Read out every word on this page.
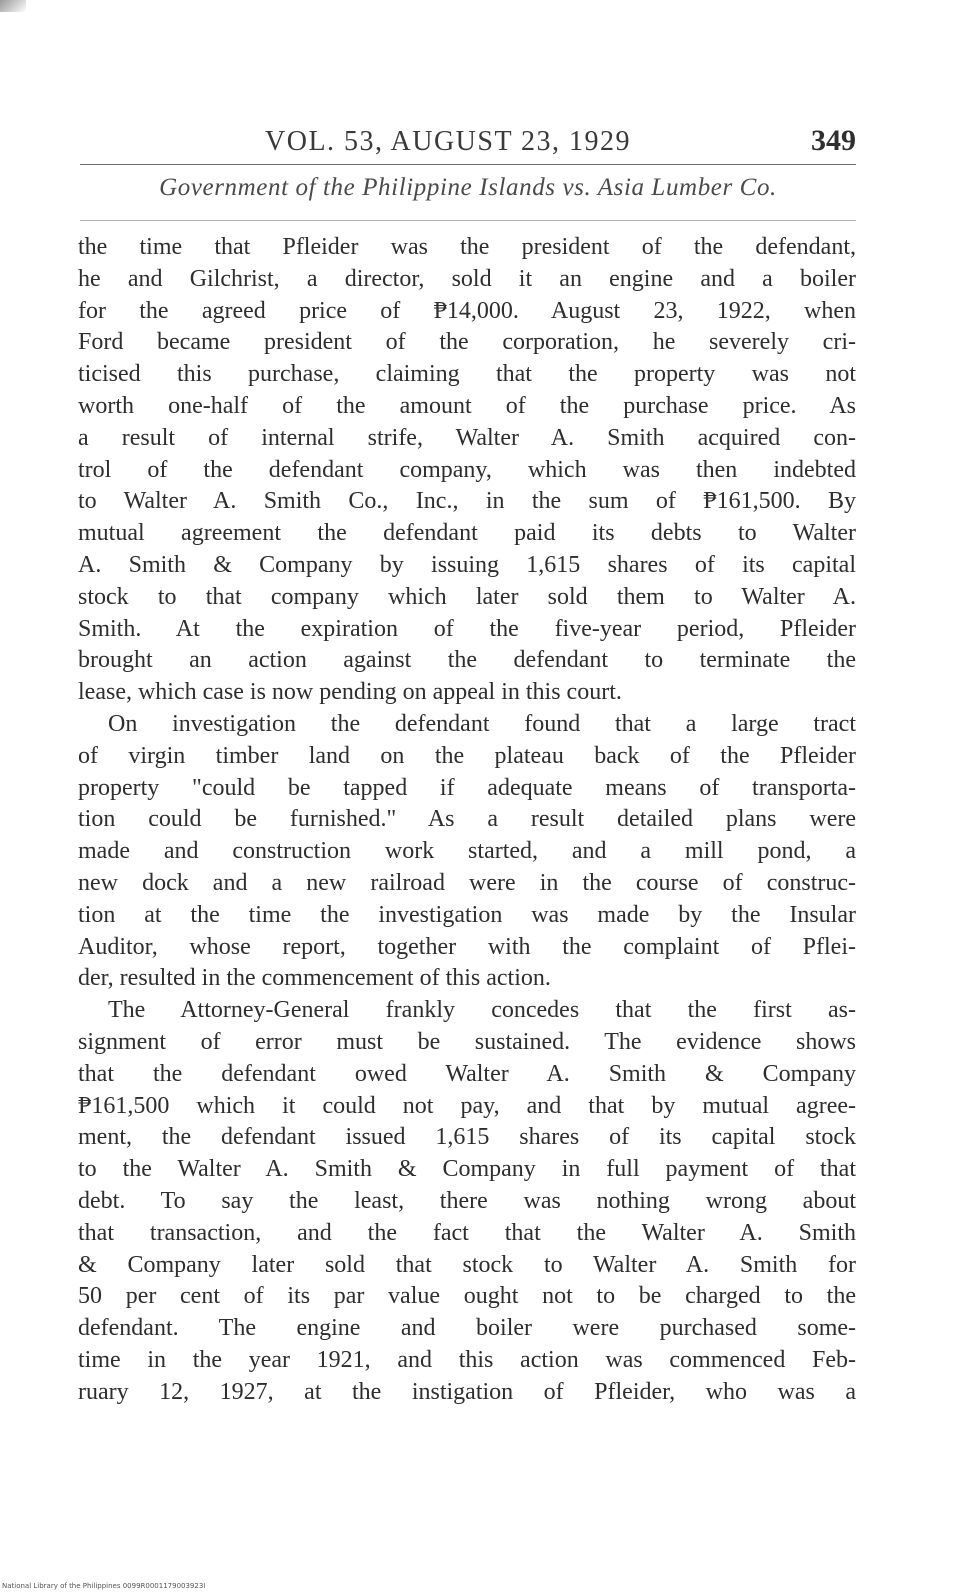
VOL. 53, AUGUST 23, 1929	349
Government of the Philippine Islands vs. Asia Lumber Co.
the time that Pfleider was the president of the defendant,
he and Gilchrist, a director, sold it an engine and a boiler
for the agreed price of ₱14,000. August 23, 1922, when
Ford became president of the corporation, he severely cri-
ticised this purchase, claiming that the property was not
worth one-half of the amount of the purchase price. As
a result of internal strife, Walter A. Smith acquired con-
trol of the defendant company, which was then indebted
to Walter A. Smith Co., Inc., in the sum of ₱161,500. By
mutual agreement the defendant paid its debts to Walter
A. Smith & Company by issuing 1,615 shares of its capital
stock to that company which later sold them to Walter A.
Smith. At the expiration of the five-year period, Pfleider
brought an action against the defendant to terminate the
lease, which case is now pending on appeal in this court.
On investigation the defendant found that a large tract
of virgin timber land on the plateau back of the Pfleider
property "could be tapped if adequate means of transporta-
tion could be furnished." As a result detailed plans were
made and construction work started, and a mill pond, a
new dock and a new railroad were in the course of construc-
tion at the time the investigation was made by the Insular
Auditor, whose report, together with the complaint of Pflei-
der, resulted in the commencement of this action.
The Attorney-General frankly concedes that the first as-
signment of error must be sustained. The evidence shows
that the defendant owed Walter A. Smith & Company
₱161,500 which it could not pay, and that by mutual agree-
ment, the defendant issued 1,615 shares of its capital stock
to the Walter A. Smith & Company in full payment of that
debt. To say the least, there was nothing wrong about
that transaction, and the fact that the Walter A. Smith
& Company later sold that stock to Walter A. Smith for
50 per cent of its par value ought not to be charged to the
defendant. The engine and boiler were purchased some-
time in the year 1921, and this action was commenced Feb-
ruary 12, 1927, at the instigation of Pfleider, who was a
National Library of the Philippines 0099R0001179003923I
